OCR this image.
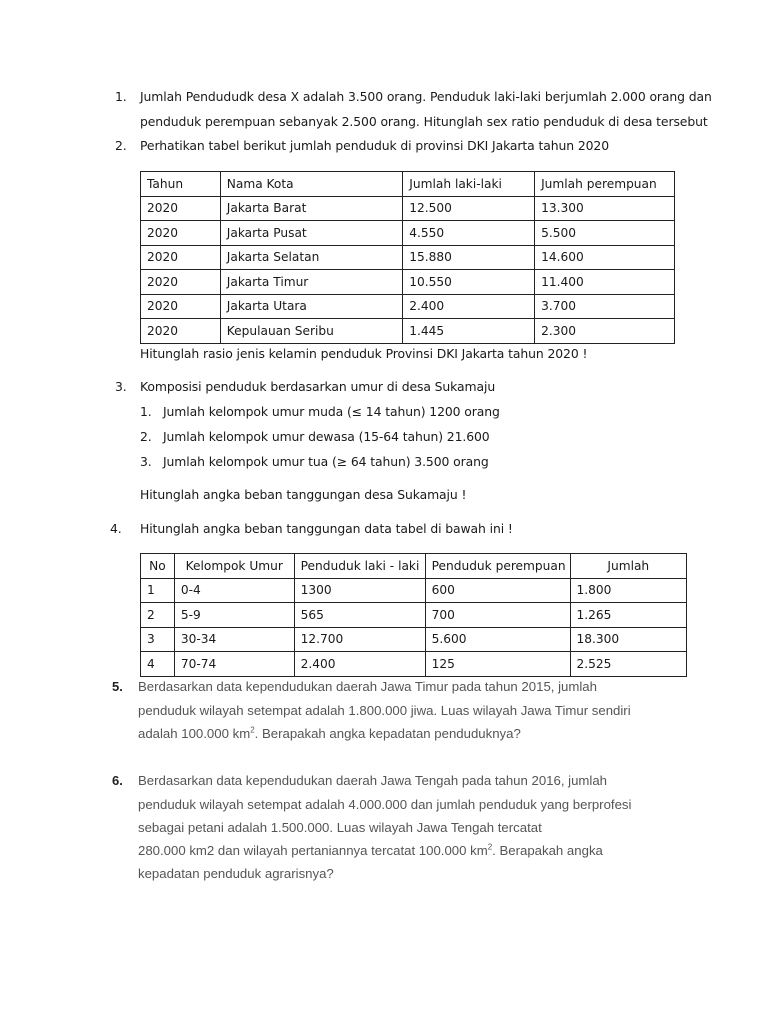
1. Jumlah Pendududk desa X adalah 3.500 orang. Penduduk laki-laki berjumlah 2.000 orang dan
penduduk perempuan sebanyak 2.500 orang. Hitunglah sex ratio penduduk di desa tersebut
2. Perhatikan tabel berikut jumlah penduduk di provinsi DKI Jakarta tahun 2020
Tahun	Nama Kota	Jumlah laki-laki	Jumlah perempuan
2020	Jakarta Barat	12.500	13.300
2020	Jakarta Pusat	4.550	5.500
2020	Jakarta Selatan	15.880	14.600
2020	Jakarta Timur	10.550	11.400
2020	Jakarta Utara	2.400	3.700
2020	Kepulauan Seribu	1.445	2.300
Hitunglah rasio jenis kelamin penduduk Provinsi DKI Jakarta tahun 2020 !
3. Komposisi penduduk berdasarkan umur di desa Sukamaju
1. Jumlah kelompok umur muda (≤ 14 tahun) 1200 orang
2. Jumlah kelompok umur dewasa (15-64 tahun) 21.600
3. Jumlah kelompok umur tua (≥ 64 tahun) 3.500 orang
Hitunglah angka beban tanggungan desa Sukamaju !
4. Hitunglah angka beban tanggungan data tabel di bawah ini !
No	Kelompok Umur	Penduduk laki - laki	Penduduk perempuan	Jumlah
1	0-4	1300	600	1.800
2	5-9	565	700	1.265
3	30-34	12.700	5.600	18.300
4	70-74	2.400	125	2.525
5. Berdasarkan data kependudukan daerah Jawa Timur pada tahun 2015, jumlah
penduduk wilayah setempat adalah 1.800.000 jiwa. Luas wilayah Jawa Timur sendiri
adalah 100.000 $km^2$. Berapakah angka kepadatan penduduknya?
6. Berdasarkan data kependudukan daerah Jawa Tengah pada tahun 2016, jumlah
penduduk wilayah setempat adalah 4.000.000 dan jumlah penduduk yang berprofesi
sebagai petani adalah 1.500.000. Luas wilayah Jawa Tengah tercatat
280.000 km2 dan wilayah pertaniannya tercatat 100.000 $km^2$. Berapakah angka
kepadatan penduduk agrarisnya?
